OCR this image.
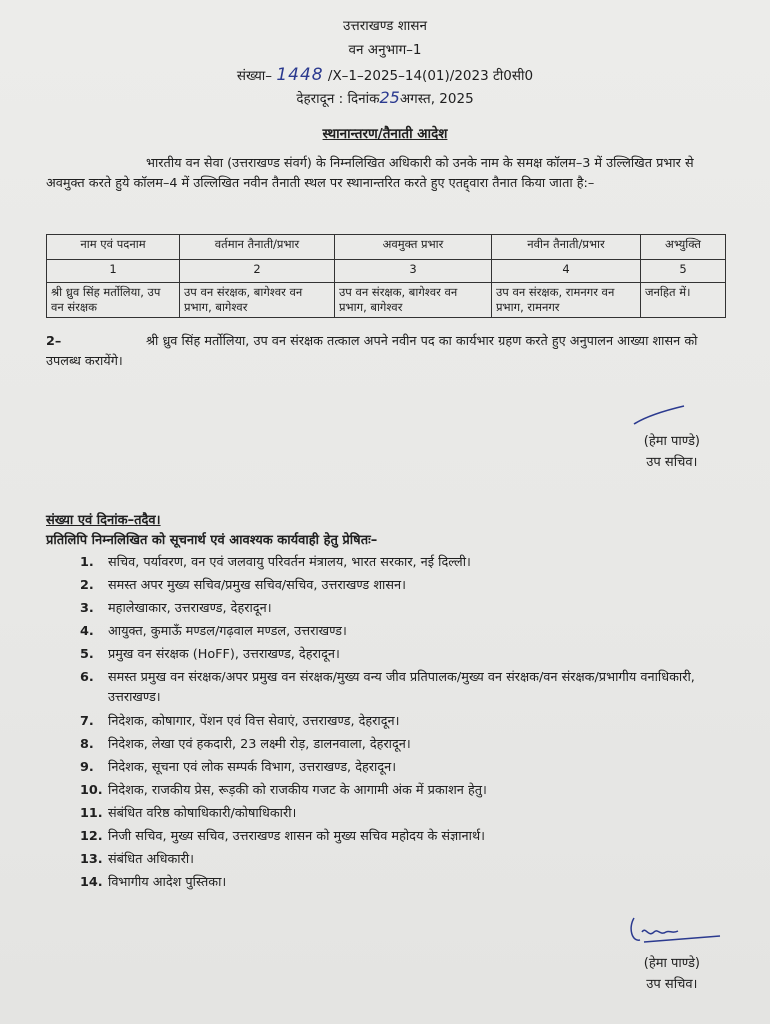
उत्तराखण्ड शासन
वन अनुभाग–1
संख्या– 1448 /X–1–2025–14(01)/2023 टी0सी0
देहरादून : दिनांक25अगस्त, 2025
स्थानान्तरण/तैनाती आदेश
भारतीय वन सेवा (उत्तराखण्ड संवर्ग) के निम्नलिखित अधिकारी को उनके नाम के समक्ष कॉलम–3 में उल्लिखित प्रभार से अवमुक्त करते हुये कॉलम–4 में उल्लिखित नवीन तैनाती स्थल पर स्थानान्तरित करते हुए एतद्द्वारा तैनात किया जाता है:–
नाम एवं पदनाम	वर्तमान तैनाती/प्रभार	अवमुक्त प्रभार	नवीन तैनाती/प्रभार	अभ्युक्ति
1	2	3	4	5
श्री ध्रुव सिंह मर्तोलिया, उप वन संरक्षक	उप वन संरक्षक, बागेश्वर वन प्रभाग, बागेश्वर	उप वन संरक्षक, बागेश्वर वन प्रभाग, बागेश्वर	उप वन संरक्षक, रामनगर वन प्रभाग, रामनगर	जनहित में।
2–	श्री ध्रुव सिंह मर्तोलिया, उप वन संरक्षक तत्काल अपने नवीन पद का कार्यभार ग्रहण करते हुए अनुपालन आख्या शासन को उपलब्ध करायेंगे।
(हेमा पाण्डे)
उप सचिव।
संख्या एवं दिनांक–तदैव।
प्रतिलिपि निम्नलिखित को सूचनार्थ एवं आवश्यक कार्यवाही हेतु प्रेषितः–
1. सचिव, पर्यावरण, वन एवं जलवायु परिवर्तन मंत्रालय, भारत सरकार, नई दिल्ली।
2. समस्त अपर मुख्य सचिव/प्रमुख सचिव/सचिव, उत्तराखण्ड शासन।
3. महालेखाकार, उत्तराखण्ड, देहरादून।
4. आयुक्त, कुमाऊँ मण्डल/गढ़वाल मण्डल, उत्तराखण्ड।
5. प्रमुख वन संरक्षक (HoFF), उत्तराखण्ड, देहरादून।
6. समस्त प्रमुख वन संरक्षक/अपर प्रमुख वन संरक्षक/मुख्य वन्य जीव प्रतिपालक/मुख्य वन संरक्षक/वन संरक्षक/प्रभागीय वनाधिकारी, उत्तराखण्ड।
7. निदेशक, कोषागार, पेंशन एवं वित्त सेवाएं, उत्तराखण्ड, देहरादून।
8. निदेशक, लेखा एवं हकदारी, 23 लक्ष्मी रोड़, डालनवाला, देहरादून।
9. निदेशक, सूचना एवं लोक सम्पर्क विभाग, उत्तराखण्ड, देहरादून।
10. निदेशक, राजकीय प्रेस, रूड़की को राजकीय गजट के आगामी अंक में प्रकाशन हेतु।
11. संबंधित वरिष्ठ कोषाधिकारी/कोषाधिकारी।
12. निजी सचिव, मुख्य सचिव, उत्तराखण्ड शासन को मुख्य सचिव महोदय के संज्ञानार्थ।
13. संबंधित अधिकारी।
14. विभागीय आदेश पुस्तिका।
(हेमा पाण्डे)
उप सचिव।
